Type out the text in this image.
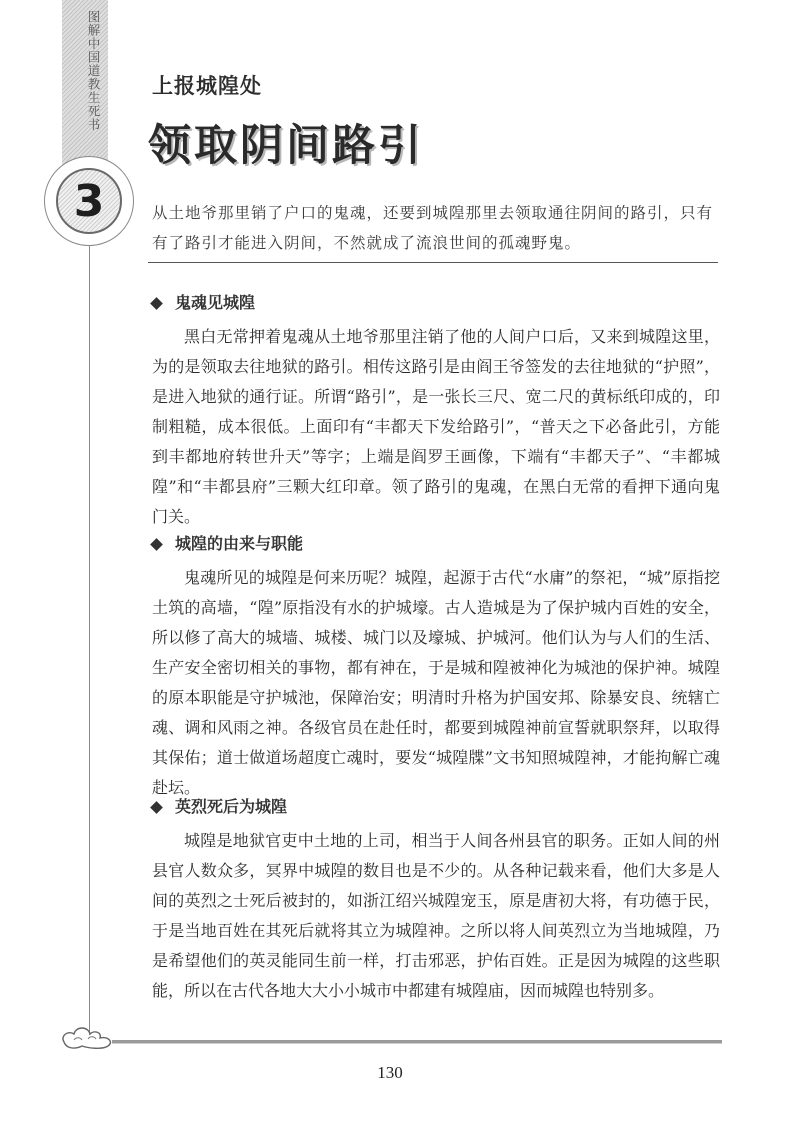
图解中国道教生死书
3
上报城隍处
领取阴间路引
从土地爷那里销了户口的鬼魂，还要到城隍那里去领取通往阴间的路引，只有有了路引才能进入阴间，不然就成了流浪世间的孤魂野鬼。
鬼魂见城隍

黑白无常押着鬼魂从土地爷那里注销了他的人间户口后，又来到城隍这里，为的是领取去往地狱的路引。相传这路引是由阎王爷签发的去往地狱的“护照”，是进入地狱的通行证。所谓“路引”，是一张长三尺、宽二尺的黄标纸印成的，印制粗糙，成本很低。上面印有“丰都天下发给路引”，“普天之下必备此引，方能到丰都地府转世升天”等字；上端是阎罗王画像，下端有“丰都天子”、“丰都城隍”和“丰都县府”三颗大红印章。领了路引的鬼魂，在黑白无常的看押下通向鬼门关。

城隍的由来与职能

鬼魂所见的城隍是何来历呢？城隍，起源于古代“水庸”的祭祀，“城”原指挖土筑的高墙，“隍”原指没有水的护城壕。古人造城是为了保护城内百姓的安全，所以修了高大的城墙、城楼、城门以及壕城、护城河。他们认为与人们的生活、生产安全密切相关的事物，都有神在，于是城和隍被神化为城池的保护神。城隍的原本职能是守护城池，保障治安；明清时升格为护国安邦、除暴安良、统辖亡魂、调和风雨之神。各级官员在赴任时，都要到城隍神前宣誓就职祭拜，以取得其保佑；道士做道场超度亡魂时，要发“城隍牒”文书知照城隍神，才能拘解亡魂赴坛。

英烈死后为城隍

城隍是地狱官吏中土地的上司，相当于人间各州县官的职务。正如人间的州县官人数众多，冥界中城隍的数目也是不少的。从各种记载来看，他们大多是人间的英烈之士死后被封的，如浙江绍兴城隍宠玉，原是唐初大将，有功德于民，于是当地百姓在其死后就将其立为城隍神。之所以将人间英烈立为当地城隍，乃是希望他们的英灵能同生前一样，打击邪恶，护佑百姓。正是因为城隍的这些职能，所以在古代各地大大小小城市中都建有城隍庙，因而城隍也特别多。

130
